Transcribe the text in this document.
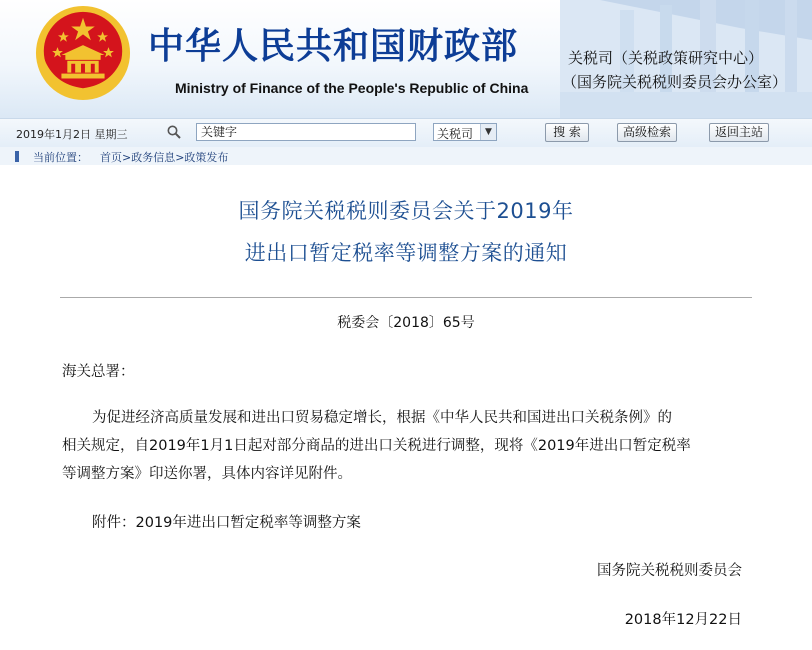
中华人民共和国财政部
Ministry of Finance of the People's Republic of China
关税司（关税政策研究中心）
（国务院关税税则委员会办公室）
2019年1月2日 星期三	关键字	关税司	▼	搜 索	高级检索	返回主站
当前位置： 首页>政务信息>政策发布
国务院关税税则委员会关于2019年
进出口暂定税率等调整方案的通知
税委会〔2018〕65号
海关总署：
为促进经济高质量发展和进出口贸易稳定增长，根据《中华人民共和国进出口关税条例》的
相关规定，自2019年1月1日起对部分商品的进出口关税进行调整，现将《2019年进出口暂定税率
等调整方案》印送你署，具体内容详见附件。
附件：2019年进出口暂定税率等调整方案
国务院关税税则委员会
2018年12月22日
